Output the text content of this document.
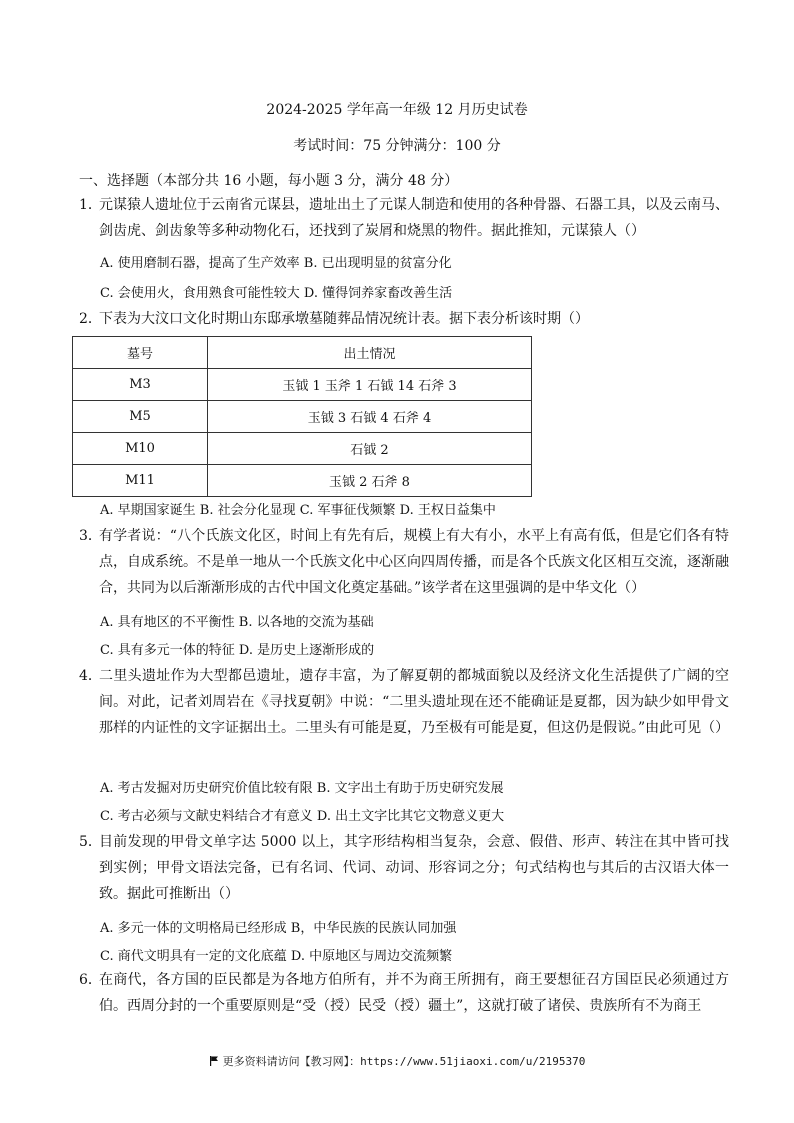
2024-2025 学年高一年级 12 月历史试卷
考试时间：75 分钟满分：100 分
一、选择题（本部分共 16 小题，每小题 3 分，满分 48 分）
1．
元谋猿人遗址位于云南省元谋县，遗址出土了元谋人制造和使用的各种骨器、石器工具，以及云南马、剑齿虎、剑齿象等多种动物化石，还找到了炭屑和烧黑的物件。据此推知，元谋猿人（）
A. 使用磨制石器，提高了生产效率 B. 已出现明显的贫富分化
C. 会使用火，食用熟食可能性较大 D. 懂得饲养家畜改善生活
2．
下表为大汶口文化时期山东邸承墩墓随葬品情况统计表。据下表分析该时期（）
墓号	出土情况
M3	玉钺 1 玉斧 1 石钺 14 石斧 3
M5	玉钺 3 石钺 4 石斧 4
M10	石钺 2
M11	玉钺 2 石斧 8
A. 早期国家诞生 B. 社会分化显现 C. 军事征伐频繁 D. 王权日益集中
3．
有学者说：“八个氏族文化区，时间上有先有后，规模上有大有小，水平上有高有低，但是它们各有特点，自成系统。不是单一地从一个氏族文化中心区向四周传播，而是各个氏族文化区相互交流，逐渐融合，共同为以后渐渐形成的古代中国文化奠定基础。”该学者在这里强调的是中华文化（）
A. 具有地区的不平衡性 B. 以各地的交流为基础
C. 具有多元一体的特征 D. 是历史上逐渐形成的
4．
二里头遗址作为大型都邑遗址，遗存丰富，为了解夏朝的都城面貌以及经济文化生活提供了广阔的空间。对此，记者刘周岩在《寻找夏朝》中说：“二里头遗址现在还不能确证是夏都，因为缺少如甲骨文那样的内证性的文字证据出土。二里头有可能是夏，乃至极有可能是夏，但这仍是假说。”由此可见（）
A. 考古发掘对历史研究价值比较有限 B. 文字出土有助于历史研究发展
C. 考古必须与文献史料结合才有意义 D. 出土文字比其它文物意义更大
5．
目前发现的甲骨文单字达 5000 以上，其字形结构相当复杂，会意、假借、形声、转注在其中皆可找到实例；甲骨文语法完备，已有名词、代词、动词、形容词之分；句式结构也与其后的古汉语大体一致。据此可推断出（）
A. 多元一体的文明格局已经形成 B，中华民族的民族认同加强
C. 商代文明具有一定的文化底蕴 D. 中原地区与周边交流频繁
6．
在商代，各方国的臣民都是为各地方伯所有，并不为商王所拥有，商王要想征召方国臣民必须通过方伯。西周分封的一个重要原则是“受（授）民受（授）疆土”，这就打破了诸侯、贵族所有不为商王
更多资料请访问【教习网】：https://www.51jiaoxi.com/u/2195370
